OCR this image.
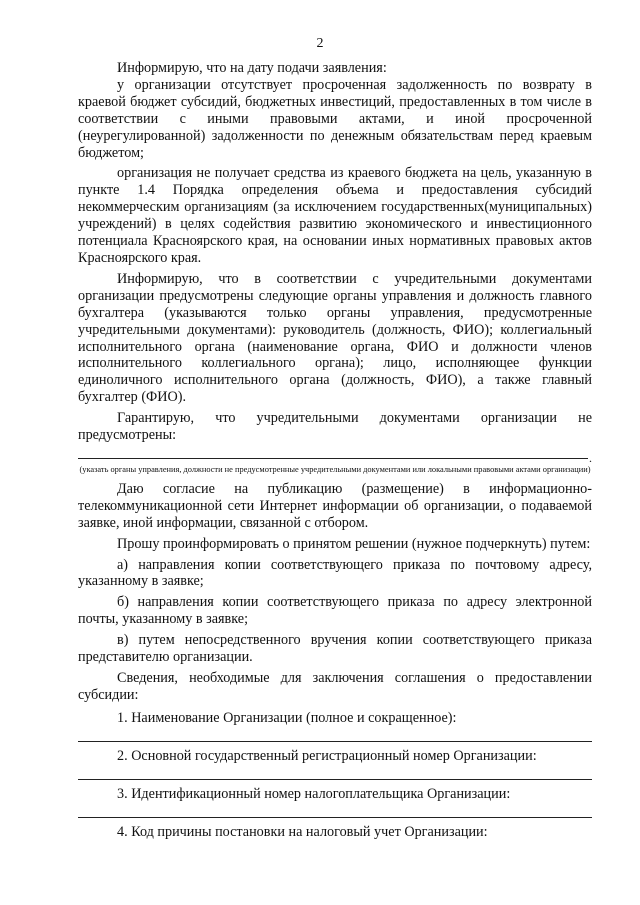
2

Информирую, что на дату подачи заявления:

у организации отсутствует просроченная задолженность по возврату в краевой бюджет субсидий, бюджетных инвестиций, предоставленных в том числе в соответствии с иными правовыми актами, и иной просроченной (неурегулированной) задолженности по денежным обязательствам перед краевым бюджетом;

организация не получает средства из краевого бюджета на цель, указанную в пункте 1.4 Порядка определения объема и предоставления субсидий некоммерческим организациям (за исключением государственных(муниципальных) учреждений) в целях содействия развитию экономического и инвестиционного потенциала Красноярского края, на основании иных нормативных правовых актов Красноярского края.

Информирую, что в соответствии с учредительными документами организации предусмотрены следующие органы управления и должность главного бухгалтера (указываются только органы управления, предусмотренные учредительными документами): руководитель (должность, ФИО); коллегиальный исполнительного органа (наименование органа, ФИО и должности членов исполнительного коллегиального органа); лицо, исполняющее функции единоличного исполнительного органа (должность, ФИО), а также главный бухгалтер (ФИО).

Гарантирую, что учредительными документами организации не предусмотрены:

.

(указать органы управления, должности не предусмотренные учредительными документами или локальными правовыми актами организации)

Даю согласие на публикацию (размещение) в информационно-телекоммуникационной сети Интернет информации об организации, о подаваемой заявке, иной информации, связанной с отбором.

Прошу проинформировать о принятом решении (нужное подчеркнуть) путем:

а) направления копии соответствующего приказа по почтовому адресу, указанному в заявке;

б) направления копии соответствующего приказа по адресу электронной почты, указанному в заявке;

в) путем непосредственного вручения копии соответствующего приказа представителю организации.

Сведения, необходимые для заключения соглашения о предоставлении субсидии:

1. Наименование Организации (полное и сокращенное):

2. Основной государственный регистрационный номер Организации:

3. Идентификационный номер налогоплательщика Организации:

4. Код причины постановки на налоговый учет Организации:
